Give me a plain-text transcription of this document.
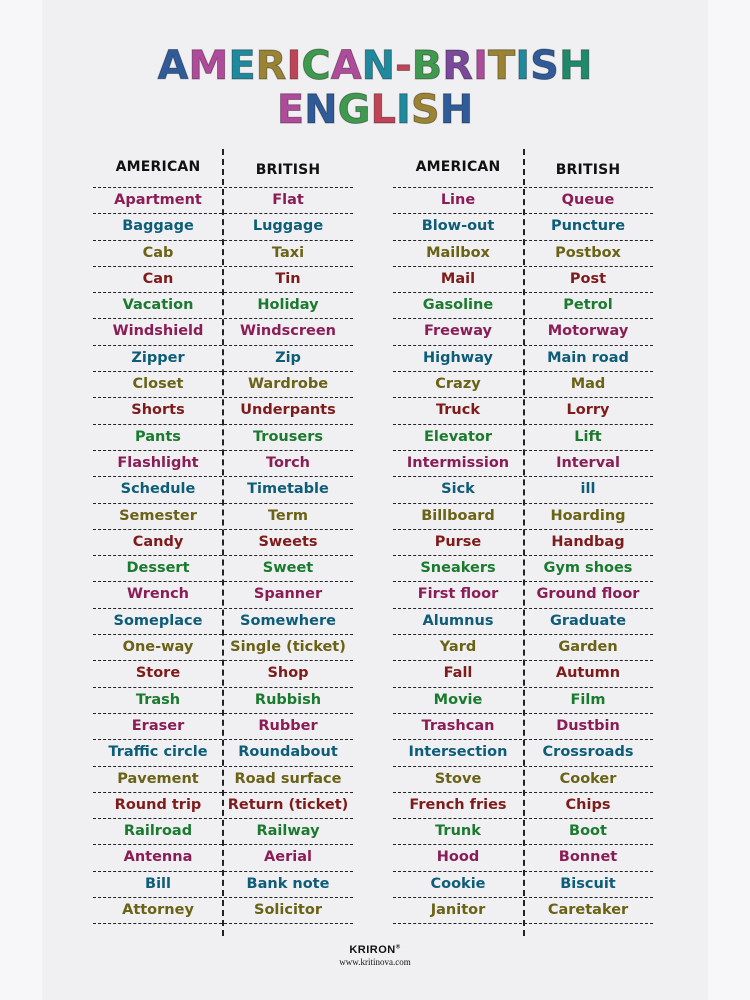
AMERICAN-BRITISH
ENGLISH
AMERICAN	BRITISH
Apartment	Flat
Baggage	Luggage
Cab	Taxi
Can	Tin
Vacation	Holiday
Windshield	Windscreen
Zipper	Zip
Closet	Wardrobe
Shorts	Underpants
Pants	Trousers
Flashlight	Torch
Schedule	Timetable
Semester	Term
Candy	Sweets
Dessert	Sweet
Wrench	Spanner
Someplace	Somewhere
One-way	Single (ticket)
Store	Shop
Trash	Rubbish
Eraser	Rubber
Traffic circle	Roundabout
Pavement	Road surface
Round trip	Return (ticket)
Railroad	Railway
Antenna	Aerial
Bill	Bank note
Attorney	Solicitor
AMERICAN	BRITISH
Line	Queue
Blow-out	Puncture
Mailbox	Postbox
Mail	Post
Gasoline	Petrol
Freeway	Motorway
Highway	Main road
Crazy	Mad
Truck	Lorry
Elevator	Lift
Intermission	Interval
Sick	ill
Billboard	Hoarding
Purse	Handbag
Sneakers	Gym shoes
First floor	Ground floor
Alumnus	Graduate
Yard	Garden
Fall	Autumn
Movie	Film
Trashcan	Dustbin
Intersection	Crossroads
Stove	Cooker
French fries	Chips
Trunk	Boot
Hood	Bonnet
Cookie	Biscuit
Janitor	Caretaker
KRIRON®
www.kritinova.com
